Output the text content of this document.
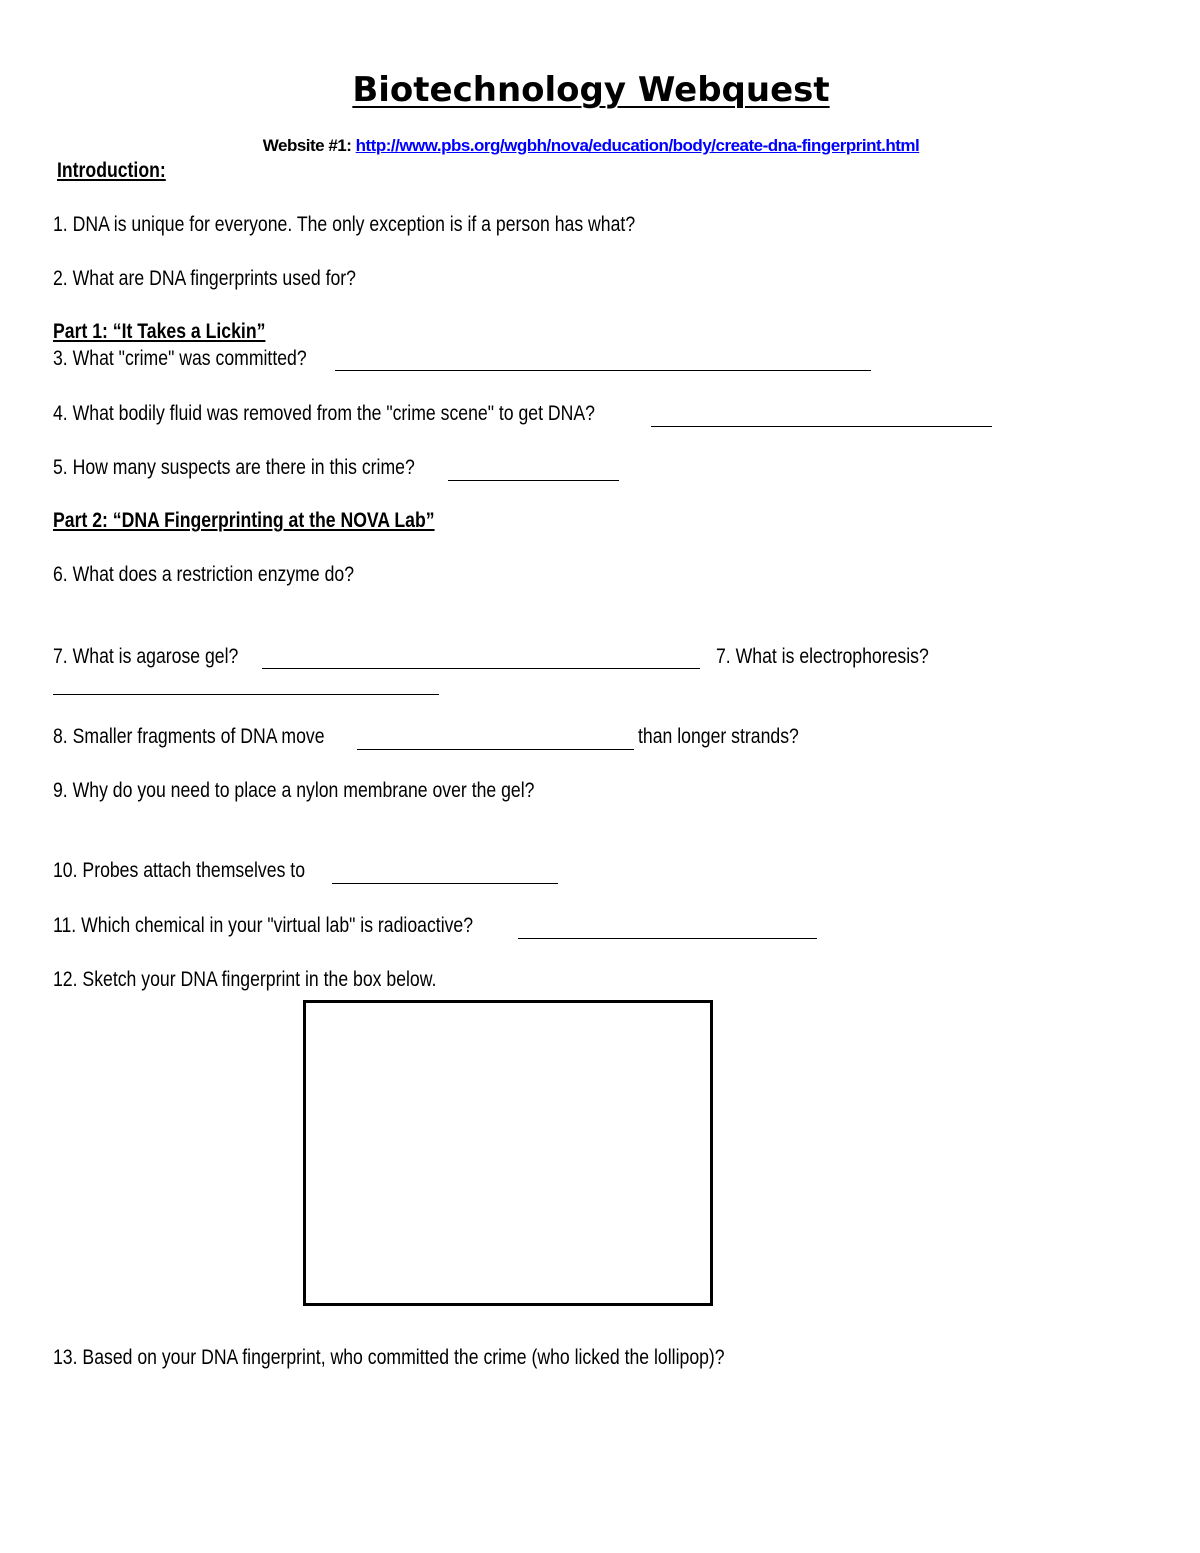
Biotechnology Webquest
Website #1: http://www.pbs.org/wgbh/nova/education/body/create-dna-fingerprint.html
Introduction:
1. DNA is unique for everyone. The only exception is if a person has what?
2. What are DNA fingerprints used for?
Part 1: “It Takes a Lickin”
3. What "crime" was committed?
4. What bodily fluid was removed from the "crime scene" to get DNA?
5. How many suspects are there in this crime?
Part 2: “DNA Fingerprinting at the NOVA Lab”
6. What does a restriction enzyme do?
7. What is agarose gel?	7. What is electrophoresis?
8. Smaller fragments of DNA move	than longer strands?
9. Why do you need to place a nylon membrane over the gel?
10. Probes attach themselves to
11. Which chemical in your "virtual lab" is radioactive?
12. Sketch your DNA fingerprint in the box below.
13. Based on your DNA fingerprint, who committed the crime (who licked the lollipop)?
